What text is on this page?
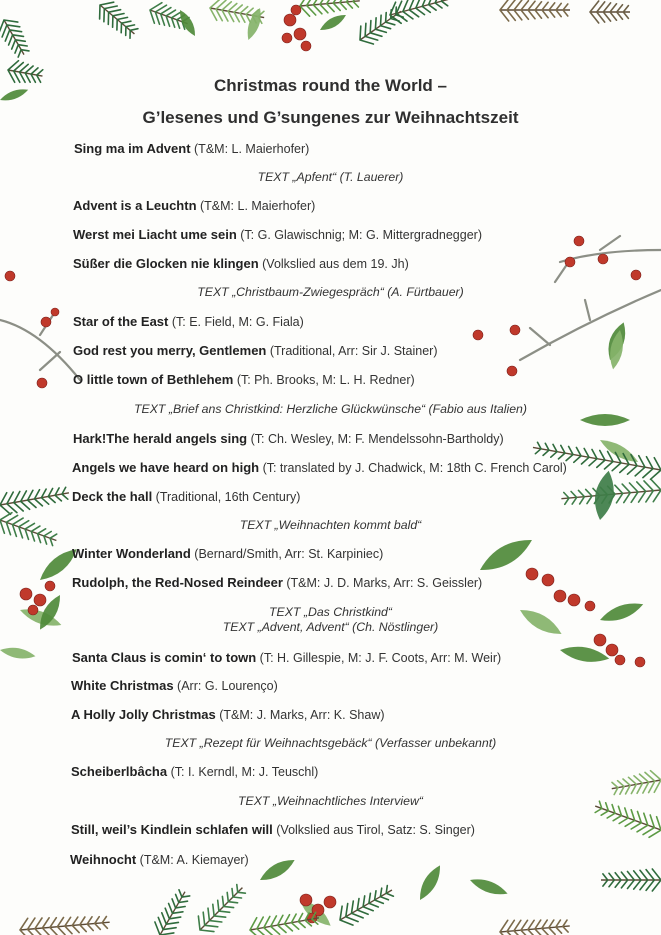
Christmas round the World –
G’lesenes und G’sungenes zur Weihnachtszeit
Sing ma im Advent (T&M: L. Maierhofer)
TEXT „Apfent“ (T. Lauerer)
Advent is a Leuchtn (T&M: L. Maierhofer)
Werst mei Liacht ume sein (T: G. Glawischnig; M: G. Mittergradnegger)
Süßer die Glocken nie klingen (Volkslied aus dem 19. Jh)
TEXT „Christbaum-Zwiegespräch“ (A. Fürtbauer)
Star of the East (T: E. Field, M: G. Fiala)
God rest you merry, Gentlemen (Traditional, Arr: Sir J. Stainer)
O little town of Bethlehem (T: Ph. Brooks, M: L. H. Redner)
TEXT „Brief ans Christkind: Herzliche Glückwünsche“ (Fabio aus Italien)
Hark!The herald angels sing (T: Ch. Wesley, M: F. Mendelssohn-Bartholdy)
Angels we have heard on high (T: translated by J. Chadwick, M: 18th C. French Carol)
Deck the hall (Traditional, 16th Century)
TEXT „Weihnachten kommt bald“
Winter Wonderland (Bernard/Smith, Arr: St. Karpiniec)
Rudolph, the Red-Nosed Reindeer (T&M: J. D. Marks, Arr: S. Geissler)
TEXT „Das Christkind“
TEXT „Advent, Advent“ (Ch. Nöstlinger)
Santa Claus is comin‘ to town (T: H. Gillespie, M: J. F. Coots, Arr: M. Weir)
White Christmas (Arr: G. Lourenço)
A Holly Jolly Christmas (T&M: J. Marks, Arr: K. Shaw)
TEXT „Rezept für Weihnachtsgebäck“ (Verfasser unbekannt)
Scheiberlbâcha (T: I. Kerndl, M: J. Teuschl)
TEXT „Weihnachtliches Interview“
Still, weil’s Kindlein schlafen will (Volkslied aus Tirol, Satz: S. Singer)
Weihnocht (T&M: A. Kiemayer)
